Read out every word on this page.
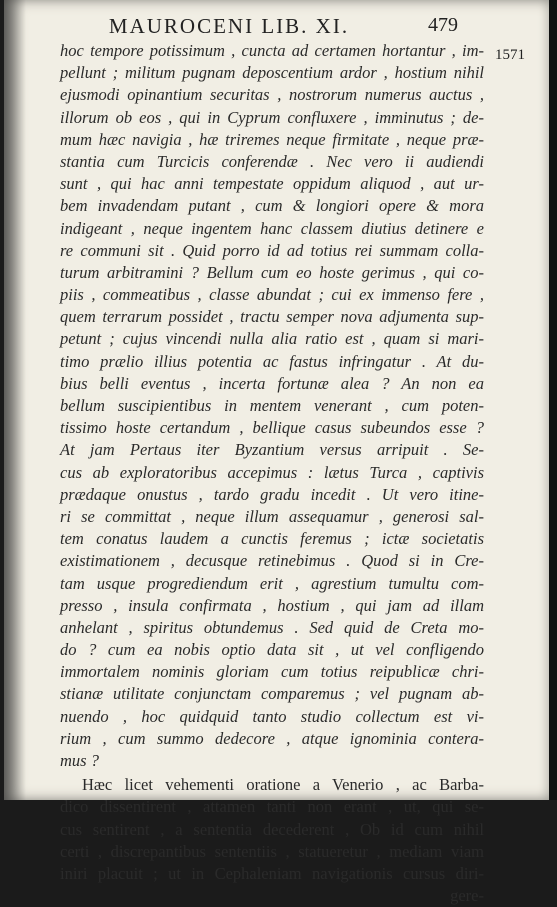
MAUROCENI LIB. XI.	479
1571
hoc tempore potissimum , cuncta ad certamen hortantur , im-
pellunt ; militum pugnam deposcentium ardor , hostium nihil
ejusmodi opinantium securitas , nostrorum numerus auctus ,
illorum ob eos , qui in Cyprum confluxere , imminutus ; de-
mum hæc navigia , hæ triremes neque firmitate , neque præ-
stantia cum Turcicis conferendæ . Nec vero ii audiendi
sunt , qui hac anni tempestate oppidum aliquod , aut ur-
bem invadendam putant , cum & longiori opere & mora
indigeant , neque ingentem hanc classem diutius detinere e
re communi sit . Quid porro id ad totius rei summam colla-
turum arbitramini ? Bellum cum eo hoste gerimus , qui co-
piis , commeatibus , classe abundat ; cui ex immenso fere ,
quem terrarum possidet , tractu semper nova adjumenta sup-
petunt ; cujus vincendi nulla alia ratio est , quam si mari-
timo prælio illius potentia ac fastus infringatur . At du-
bius belli eventus , incerta fortunæ alea ? An non ea
bellum suscipientibus in mentem venerant , cum poten-
tissimo hoste certandum , bellique casus subeundos esse ?
At jam Pertaus iter Byzantium versus arripuit . Se-
cus ab exploratoribus accepimus : lætus Turca , captivis
prædaque onustus , tardo gradu incedit . Ut vero itine-
ri se committat , neque illum assequamur , generosi sal-
tem conatus laudem a cunctis feremus ; ictæ societatis
existimationem , decusque retinebimus . Quod si in Cre-
tam usque progrediendum erit , agrestium tumultu com-
presso , insula confirmata , hostium , qui jam ad illam
anhelant , spiritus obtundemus . Sed quid de Creta mo-
do ? cum ea nobis optio data sit , ut vel confligendo
immortalem nominis gloriam cum totius reipublicæ chri-
stianæ utilitate conjunctam comparemus ; vel pugnam ab-
nuendo , hoc quidquid tanto studio collectum est vi-
rium , cum summo dedecore , atque ignominia contera-
mus ?
Hæc licet vehementi oratione a Venerio , ac Barba-
dico dissentirent , attamen tanti non erant , ut, qui se-
cus sentirent , a sententia decederent , Ob id cum nihil
certi , discrepantibus sententiis , statueretur , mediam viam
iniri placuit ; ut in Cephaleniam navigationis cursus diri-
gere-
